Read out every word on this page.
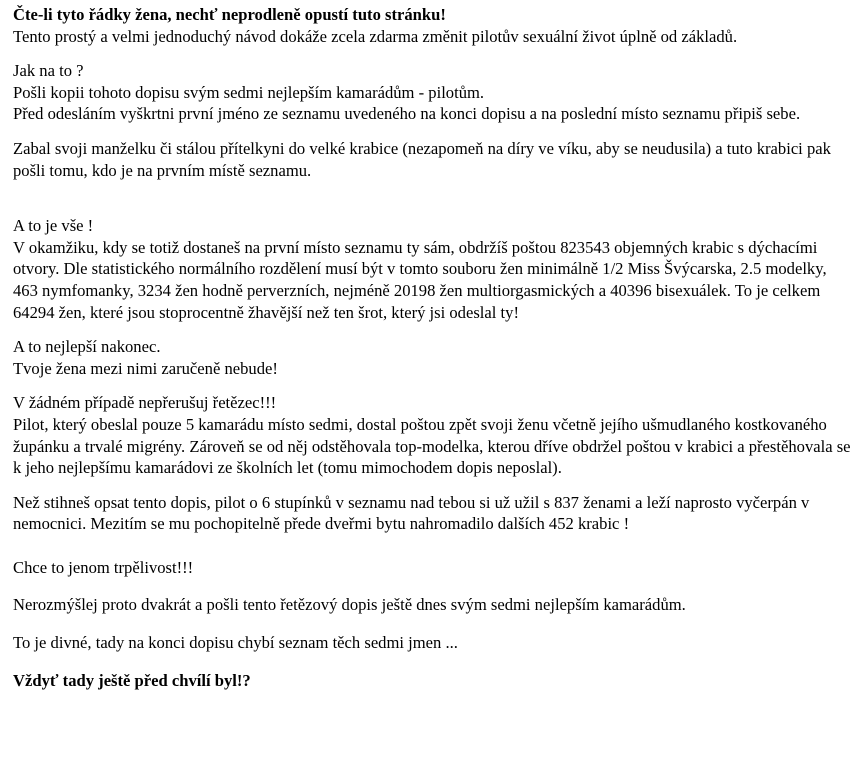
Čte-li tyto řádky žena, nechť neprodleně opustí tuto stránku!
Tento prostý a velmi jednoduchý návod dokáže zcela zdarma změnit pilotův sexuální život úplně od základů.

Jak na to ?
Pošli kopii tohoto dopisu svým sedmi nejlepším kamarádům - pilotům.
Před odesláním vyškrtni první jméno ze seznamu uvedeného na konci dopisu a na poslední místo seznamu připiš sebe.

Zabal svoji manželku či stálou přítelkyni do velké krabice (nezapomeň na díry ve víku, aby se neudusila) a tuto krabici pak pošli tomu, kdo je na prvním místě seznamu.

A to je vše !
V okamžiku, kdy se totiž dostaneš na první místo seznamu ty sám, obdržíš poštou 823543 objemných krabic s dýchacími otvory. Dle statistického normálního rozdělení musí být v tomto souboru žen minimálně 1/2 Miss Švýcarska, 2.5 modelky, 463 nymfomanky, 3234 žen hodně perverzních, nejméně 20198 žen multiorgasmických a 40396 bisexuálek. To je celkem 64294 žen, které jsou stoprocentně žhavější než ten šrot, který jsi odeslal ty!

A to nejlepší nakonec.
Tvoje žena mezi nimi zaručeně nebude!

V žádném případě nepřerušuj řetězec!!!
Pilot, který obeslal pouze 5 kamarádu místo sedmi, dostal poštou zpět svoji ženu včetně jejího ušmudlaného kostkovaného župánku a trvalé migrény. Zároveň se od něj odstěhovala top-modelka, kterou dříve obdržel poštou v krabici a přestěhovala se k jeho nejlepšímu kamarádovi ze školních let (tomu mimochodem dopis neposlal).

Než stihneš opsat tento dopis, pilot o 6 stupínků v seznamu nad tebou si už užil s 837 ženami a leží naprosto vyčerpán v nemocnici. Mezitím se mu pochopitelně přede dveřmi bytu nahromadilo dalších 452 krabic !

Chce to jenom trpělivost!!!

Nerozmýšlej proto dvakrát a pošli tento řetězový dopis ještě dnes svým sedmi nejlepším kamarádům.

To je divné, tady na konci dopisu chybí seznam těch sedmi jmen ...

Vždyť tady ještě před chvílí byl!?
